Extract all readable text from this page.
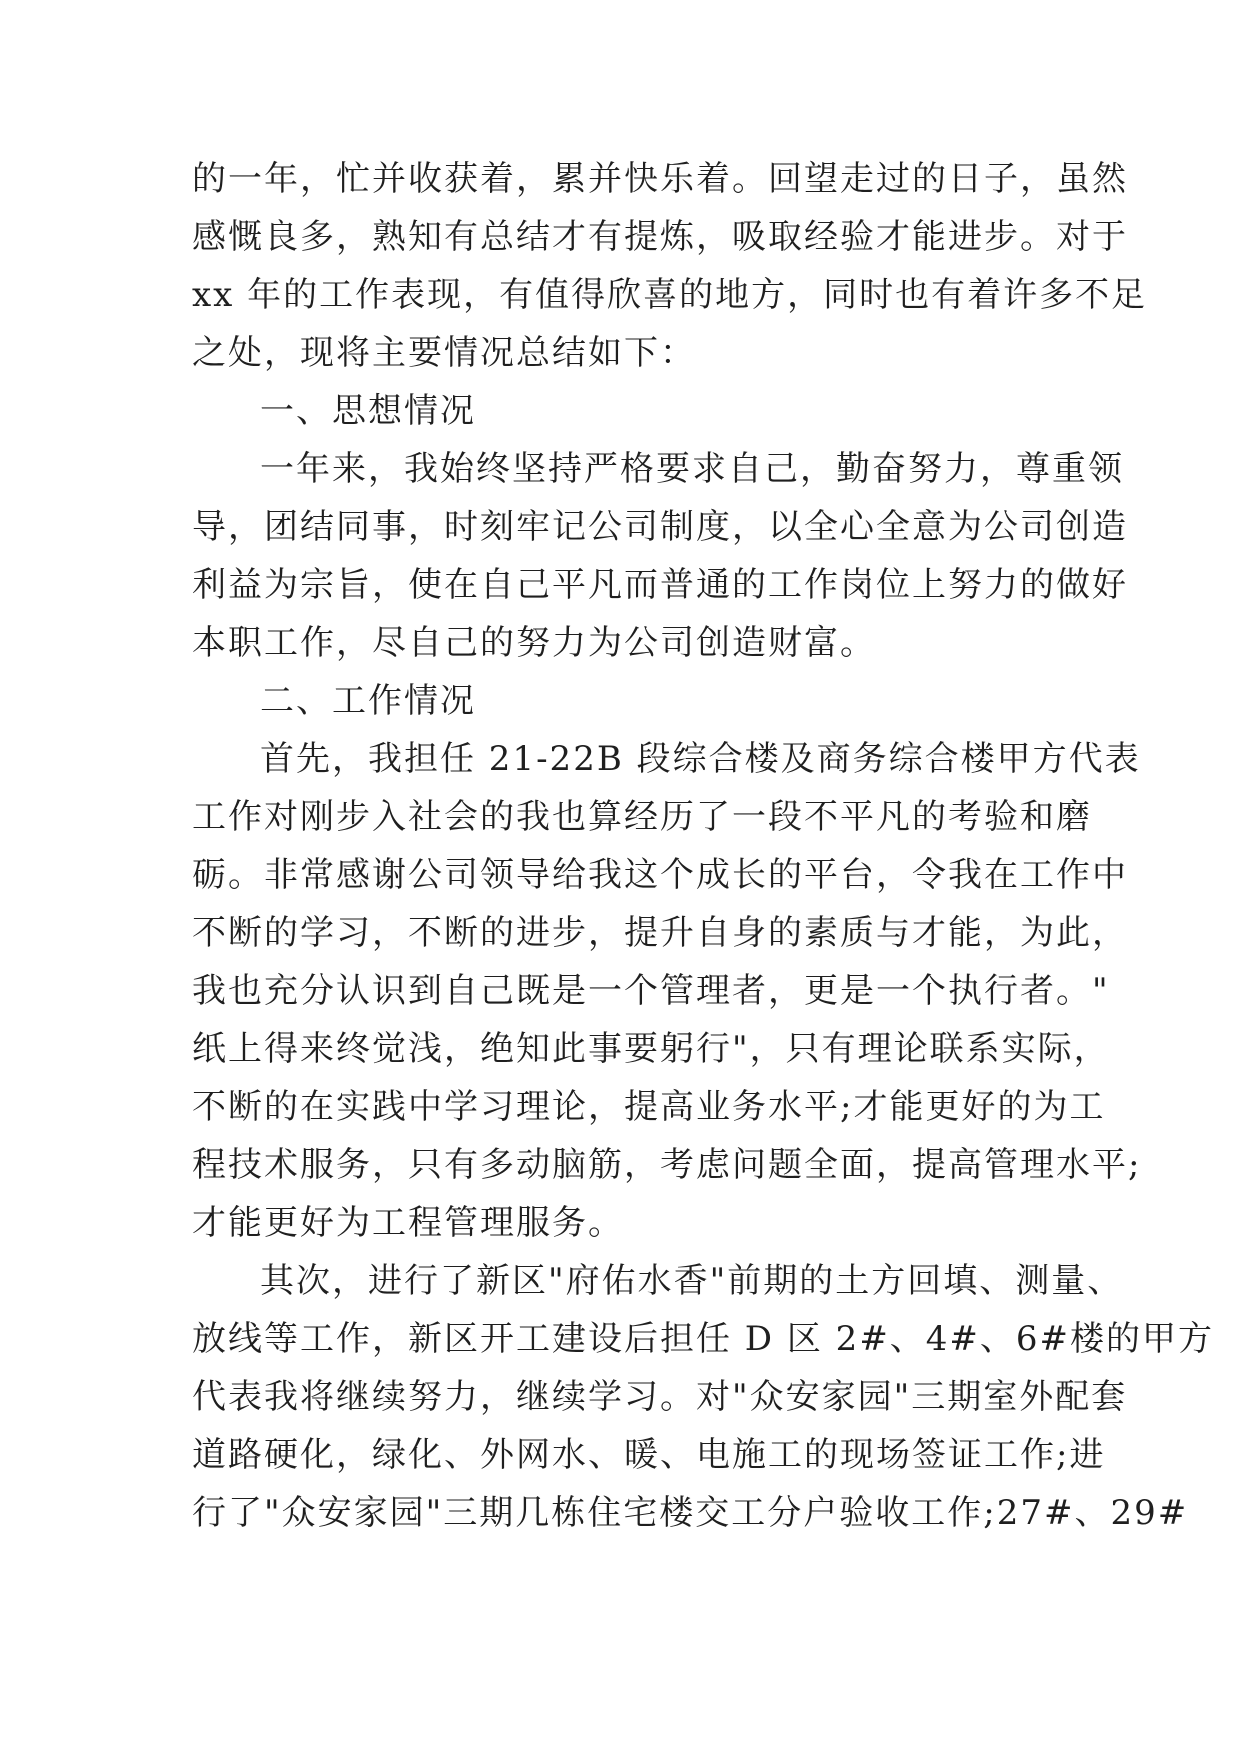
的一年，忙并收获着，累并快乐着。回望走过的日子，虽然
感慨良多，熟知有总结才有提炼，吸取经验才能进步。对于
xx 年的工作表现，有值得欣喜的地方，同时也有着许多不足
之处，现将主要情况总结如下：
一、思想情况
一年来，我始终坚持严格要求自己，勤奋努力，尊重领
导，团结同事，时刻牢记公司制度，以全心全意为公司创造
利益为宗旨，使在自己平凡而普通的工作岗位上努力的做好
本职工作，尽自己的努力为公司创造财富。
二、工作情况
首先，我担任 21-22B 段综合楼及商务综合楼甲方代表
工作对刚步入社会的我也算经历了一段不平凡的考验和磨
砺。非常感谢公司领导给我这个成长的平台，令我在工作中
不断的学习，不断的进步，提升自身的素质与才能，为此，
我也充分认识到自己既是一个管理者，更是一个执行者。"
纸上得来终觉浅，绝知此事要躬行"，只有理论联系实际，
不断的在实践中学习理论，提高业务水平;才能更好的为工
程技术服务，只有多动脑筋，考虑问题全面，提高管理水平;
才能更好为工程管理服务。
其次，进行了新区"府佑水香"前期的土方回填、测量、
放线等工作，新区开工建设后担任 D 区 2#、4#、6#楼的甲方
代表我将继续努力，继续学习。对"众安家园"三期室外配套
道路硬化，绿化、外网水、暖、电施工的现场签证工作;进
行了"众安家园"三期几栋住宅楼交工分户验收工作;27#、29#
